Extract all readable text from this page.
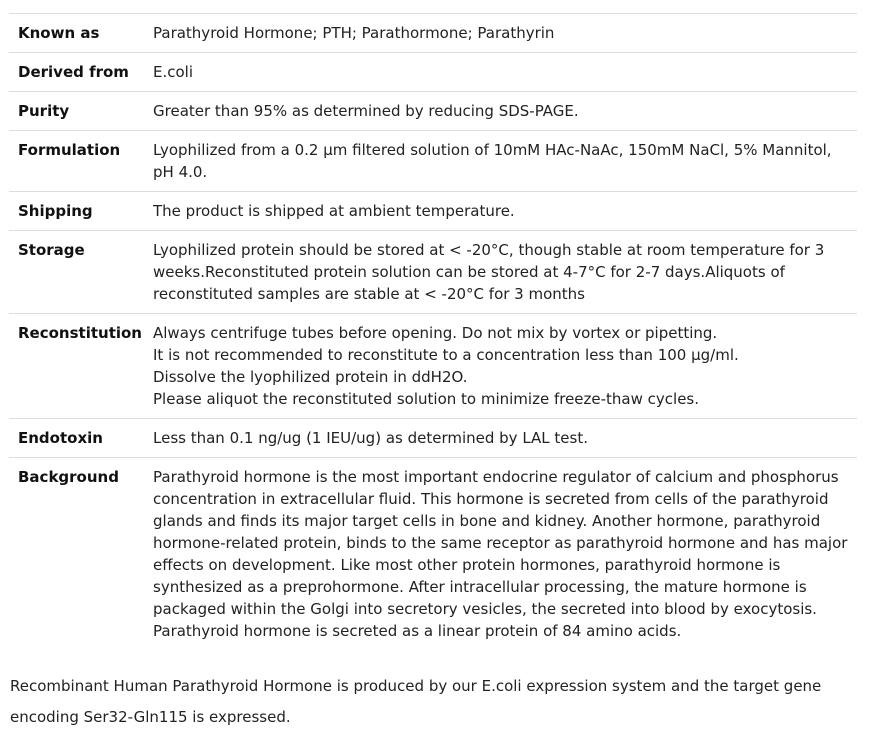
Known as	Parathyroid Hormone; PTH; Parathormone; Parathyrin
Derived from	E.coli
Purity	Greater than 95% as determined by reducing SDS-PAGE.
Formulation	Lyophilized from a 0.2 μm filtered solution of 10mM HAc-NaAc, 150mM NaCl, 5% Mannitol, pH 4.0.
Shipping	The product is shipped at ambient temperature.
Storage	Lyophilized protein should be stored at < -20°C, though stable at room temperature for 3 weeks.Reconstituted protein solution can be stored at 4-7°C for 2-7 days.Aliquots of reconstituted samples are stable at < -20°C for 3 months
Reconstitution	Always centrifuge tubes before opening. Do not mix by vortex or pipetting.
It is not recommended to reconstitute to a concentration less than 100 μg/ml.
Dissolve the lyophilized protein in ddH2O.
Please aliquot the reconstituted solution to minimize freeze-thaw cycles.

Endotoxin	Less than 0.1 ng/ug (1 IEU/ug) as determined by LAL test.
Background	Parathyroid hormone is the most important endocrine regulator of calcium and phosphorus concentration in extracellular fluid. This hormone is secreted from cells of the parathyroid glands and finds its major target cells in bone and kidney. Another hormone, parathyroid hormone-related protein, binds to the same receptor as parathyroid hormone and has major effects on development. Like most other protein hormones, parathyroid hormone is synthesized as a preprohormone. After intracellular processing, the mature hormone is packaged within the Golgi into secretory vesicles, the secreted into blood by exocytosis. Parathyroid hormone is secreted as a linear protein of 84 amino acids.

Recombinant Human Parathyroid Hormone is produced by our E.coli expression system and the target gene encoding Ser32-Gln115 is expressed.
